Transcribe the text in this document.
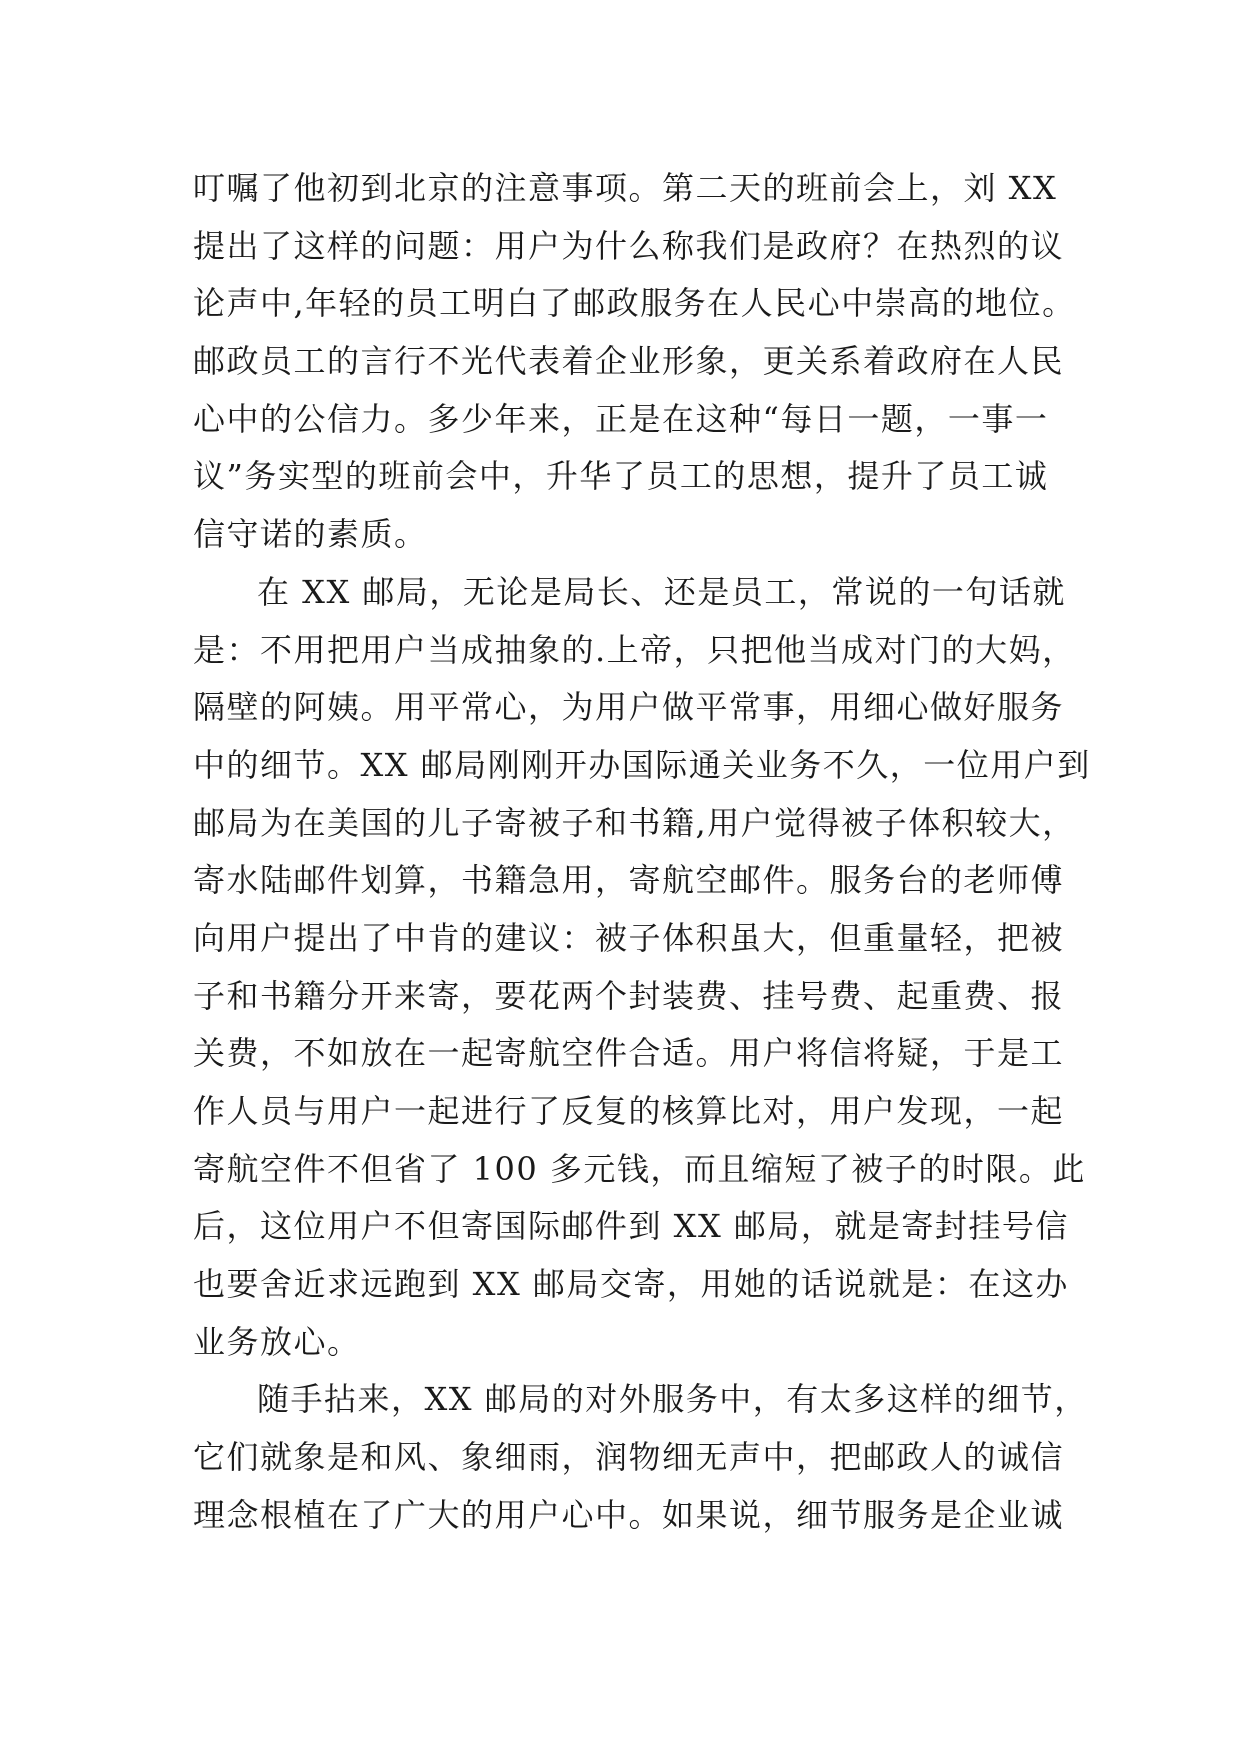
叮嘱了他初到北京的注意事项。第二天的班前会上，刘 XX
提出了这样的问题：用户为什么称我们是政府？在热烈的议
论声中,年轻的员工明白了邮政服务在人民心中崇高的地位。
邮政员工的言行不光代表着企业形象，更关系着政府在人民
心中的公信力。多少年来，正是在这种“每日一题，一事一
议”务实型的班前会中，升华了员工的思想，提升了员工诚
信守诺的素质。
在 XX 邮局，无论是局长、还是员工，常说的一句话就
是：不用把用户当成抽象的.上帝，只把他当成对门的大妈，
隔壁的阿姨。用平常心，为用户做平常事，用细心做好服务
中的细节。XX 邮局刚刚开办国际通关业务不久，一位用户到
邮局为在美国的儿子寄被子和书籍,用户觉得被子体积较大，
寄水陆邮件划算，书籍急用，寄航空邮件。服务台的老师傅
向用户提出了中肯的建议：被子体积虽大，但重量轻，把被
子和书籍分开来寄，要花两个封装费、挂号费、起重费、报
关费，不如放在一起寄航空件合适。用户将信将疑，于是工
作人员与用户一起进行了反复的核算比对，用户发现，一起
寄航空件不但省了 100 多元钱，而且缩短了被子的时限。此
后，这位用户不但寄国际邮件到 XX 邮局，就是寄封挂号信
也要舍近求远跑到 XX 邮局交寄，用她的话说就是：在这办
业务放心。
随手拈来，XX 邮局的对外服务中，有太多这样的细节，
它们就象是和风、象细雨，润物细无声中，把邮政人的诚信
理念根植在了广大的用户心中。如果说，细节服务是企业诚
